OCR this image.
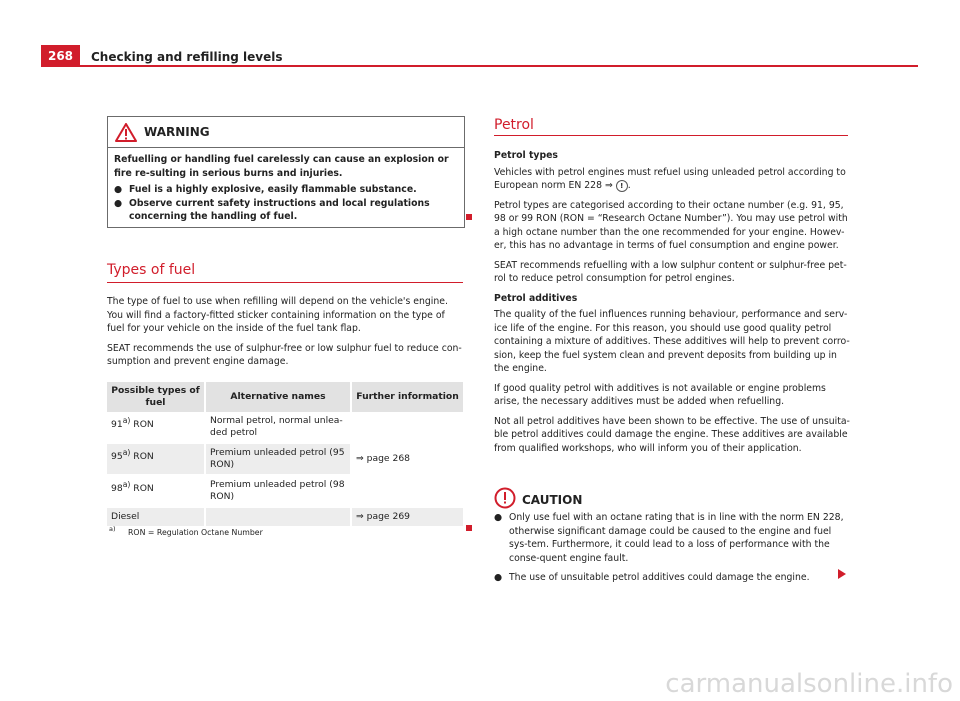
268	Checking and refilling levels
WARNING

Refuelling or handling fuel carelessly can cause an explosion or fire re-sulting in serious burns and injuries.

● Fuel is a highly explosive, easily flammable substance.
● Observe current safety instructions and local regulations concerning the handling of fuel.
Types of fuel

The type of fuel to use when refilling will depend on the vehicle's engine. You will find a factory-fitted sticker containing information on the type of fuel for your vehicle on the inside of the fuel tank flap.

SEAT recommends the use of sulphur-free or low sulphur fuel to reduce con-sumption and prevent engine damage.

Possible types of fuel	Alternative names	Further information
91$^{a)}$ RON	Normal petrol, normal unlea-ded petrol	⇒ page 268
95$^{a)}$ RON	Premium unleaded petrol (95 RON)	
98$^{a)}$ RON	Premium unleaded petrol (98 RON)	
Diesel		⇒ page 269
$^{a)}$ RON = Regulation Octane Number
Petrol
Petrol types

Vehicles with petrol engines must refuel using unleaded petrol according to European norm EN 228 ⇒ ! .

Petrol types are categorised according to their octane number (e.g. 91, 95, 98 or 99 RON (RON = “Research Octane Number”). You may use petrol with a high octane number than the one recommended for your engine. Howev-er, this has no advantage in terms of fuel consumption and engine power.

SEAT recommends refuelling with a low sulphur content or sulphur-free pet-rol to reduce petrol consumption for petrol engines.

Petrol additives

The quality of the fuel influences running behaviour, performance and serv-ice life of the engine. For this reason, you should use good quality petrol containing a mixture of additives. These additives will help to prevent corro-sion, keep the fuel system clean and prevent deposits from building up in the engine.

If good quality petrol with additives is not available or engine problems arise, the necessary additives must be added when refuelling.

Not all petrol additives have been shown to be effective. The use of unsuita-ble petrol additives could damage the engine. These additives are available from qualified workshops, who will inform you of their application.

CAUTION
● Only use fuel with an octane rating that is in line with the norm EN 228, otherwise significant damage could be caused to the engine and fuel sys-tem. Furthermore, it could lead to a loss of performance with the conse-quent engine fault.
● The use of unsuitable petrol additives could damage the engine.
carmanualsonline.info
